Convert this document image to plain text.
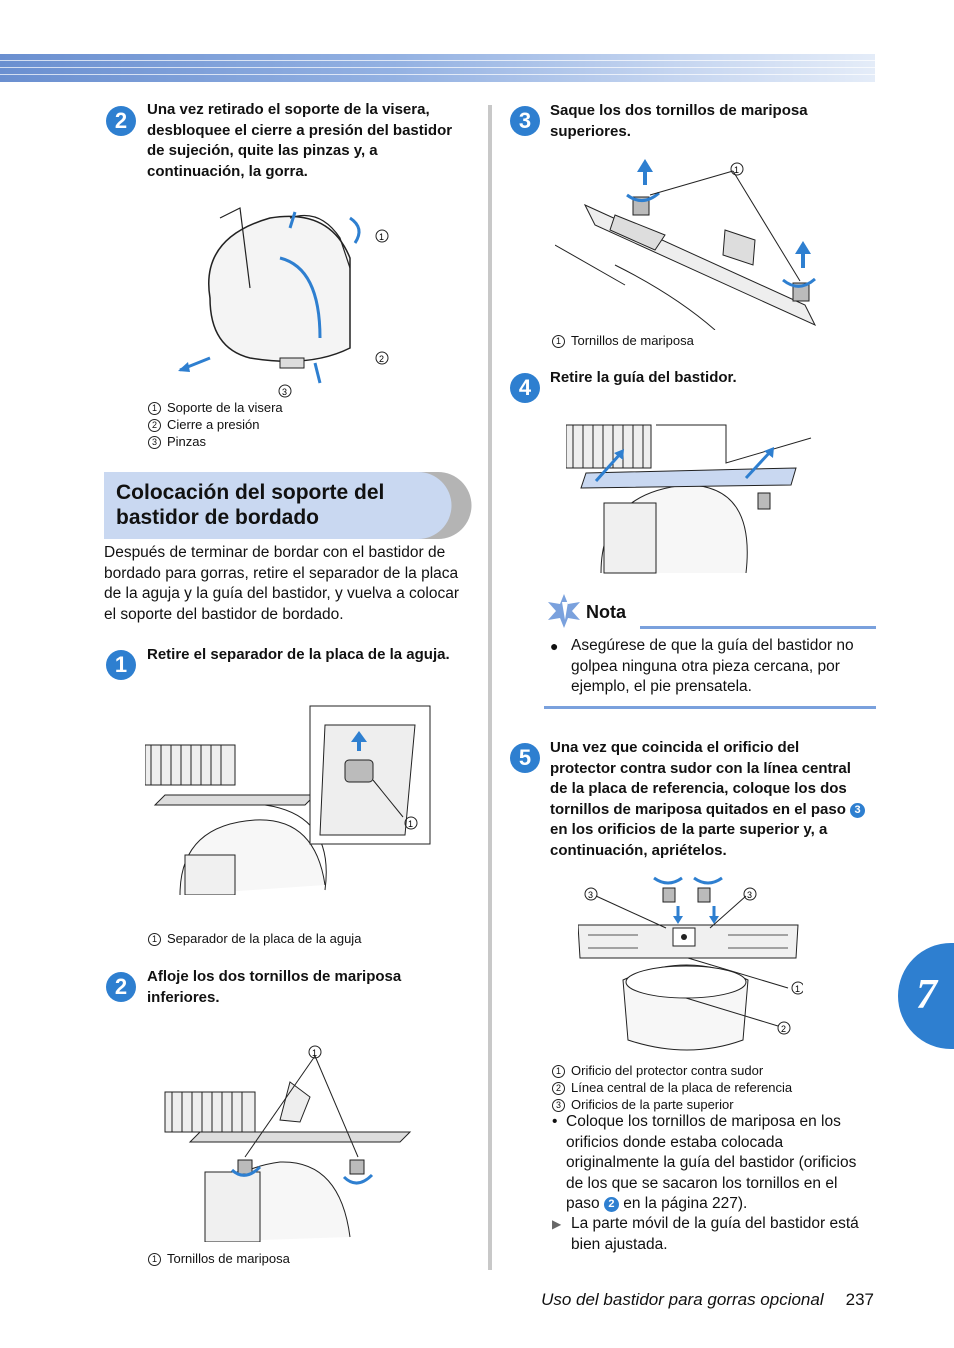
2	Una vez retirado el soporte de la visera, desbloquee el cierre a presión del bastidor de sujeción, quite las pinzas y, a continuación, la gorra.
1
2
3
1 Soporte de la visera
2 Cierre a presión
3 Pinzas
Colocación del soporte del
bastidor de bordado
Después de terminar de bordar con el bastidor de bordado para gorras, retire el separador de la placa de la aguja y la guía del bastidor, y vuelva a colocar el soporte del bastidor de bordado.
1	Retire el separador de la placa de la aguja.
1
1 Separador de la placa de la aguja
2	Afloje los dos tornillos de mariposa inferiores.
1
1 Tornillos de mariposa
3	Saque los dos tornillos de mariposa superiores.
1
1 Tornillos de mariposa
4	Retire la guía del bastidor.
Nota
● Asegúrese de que la guía del bastidor no golpea ninguna otra pieza cercana, por ejemplo, el pie prensatela.
5	Una vez que coincida el orificio del protector contra sudor con la línea central de la placa de referencia, coloque los dos tornillos de mariposa quitados en el paso 3 en los orificios de la parte superior y, a continuación, apriételos.
3	3
1
2
1 Orificio del protector contra sudor
2 Línea central de la placa de referencia
3 Orificios de la parte superior
• Coloque los tornillos de mariposa en los orificios donde estaba colocada originalmente la guía del bastidor (orificios de los que se sacaron los tornillos en el paso 2 en la página 227).
▶ La parte móvil de la guía del bastidor está bien ajustada.
7
Uso del bastidor para gorras opcional 237
